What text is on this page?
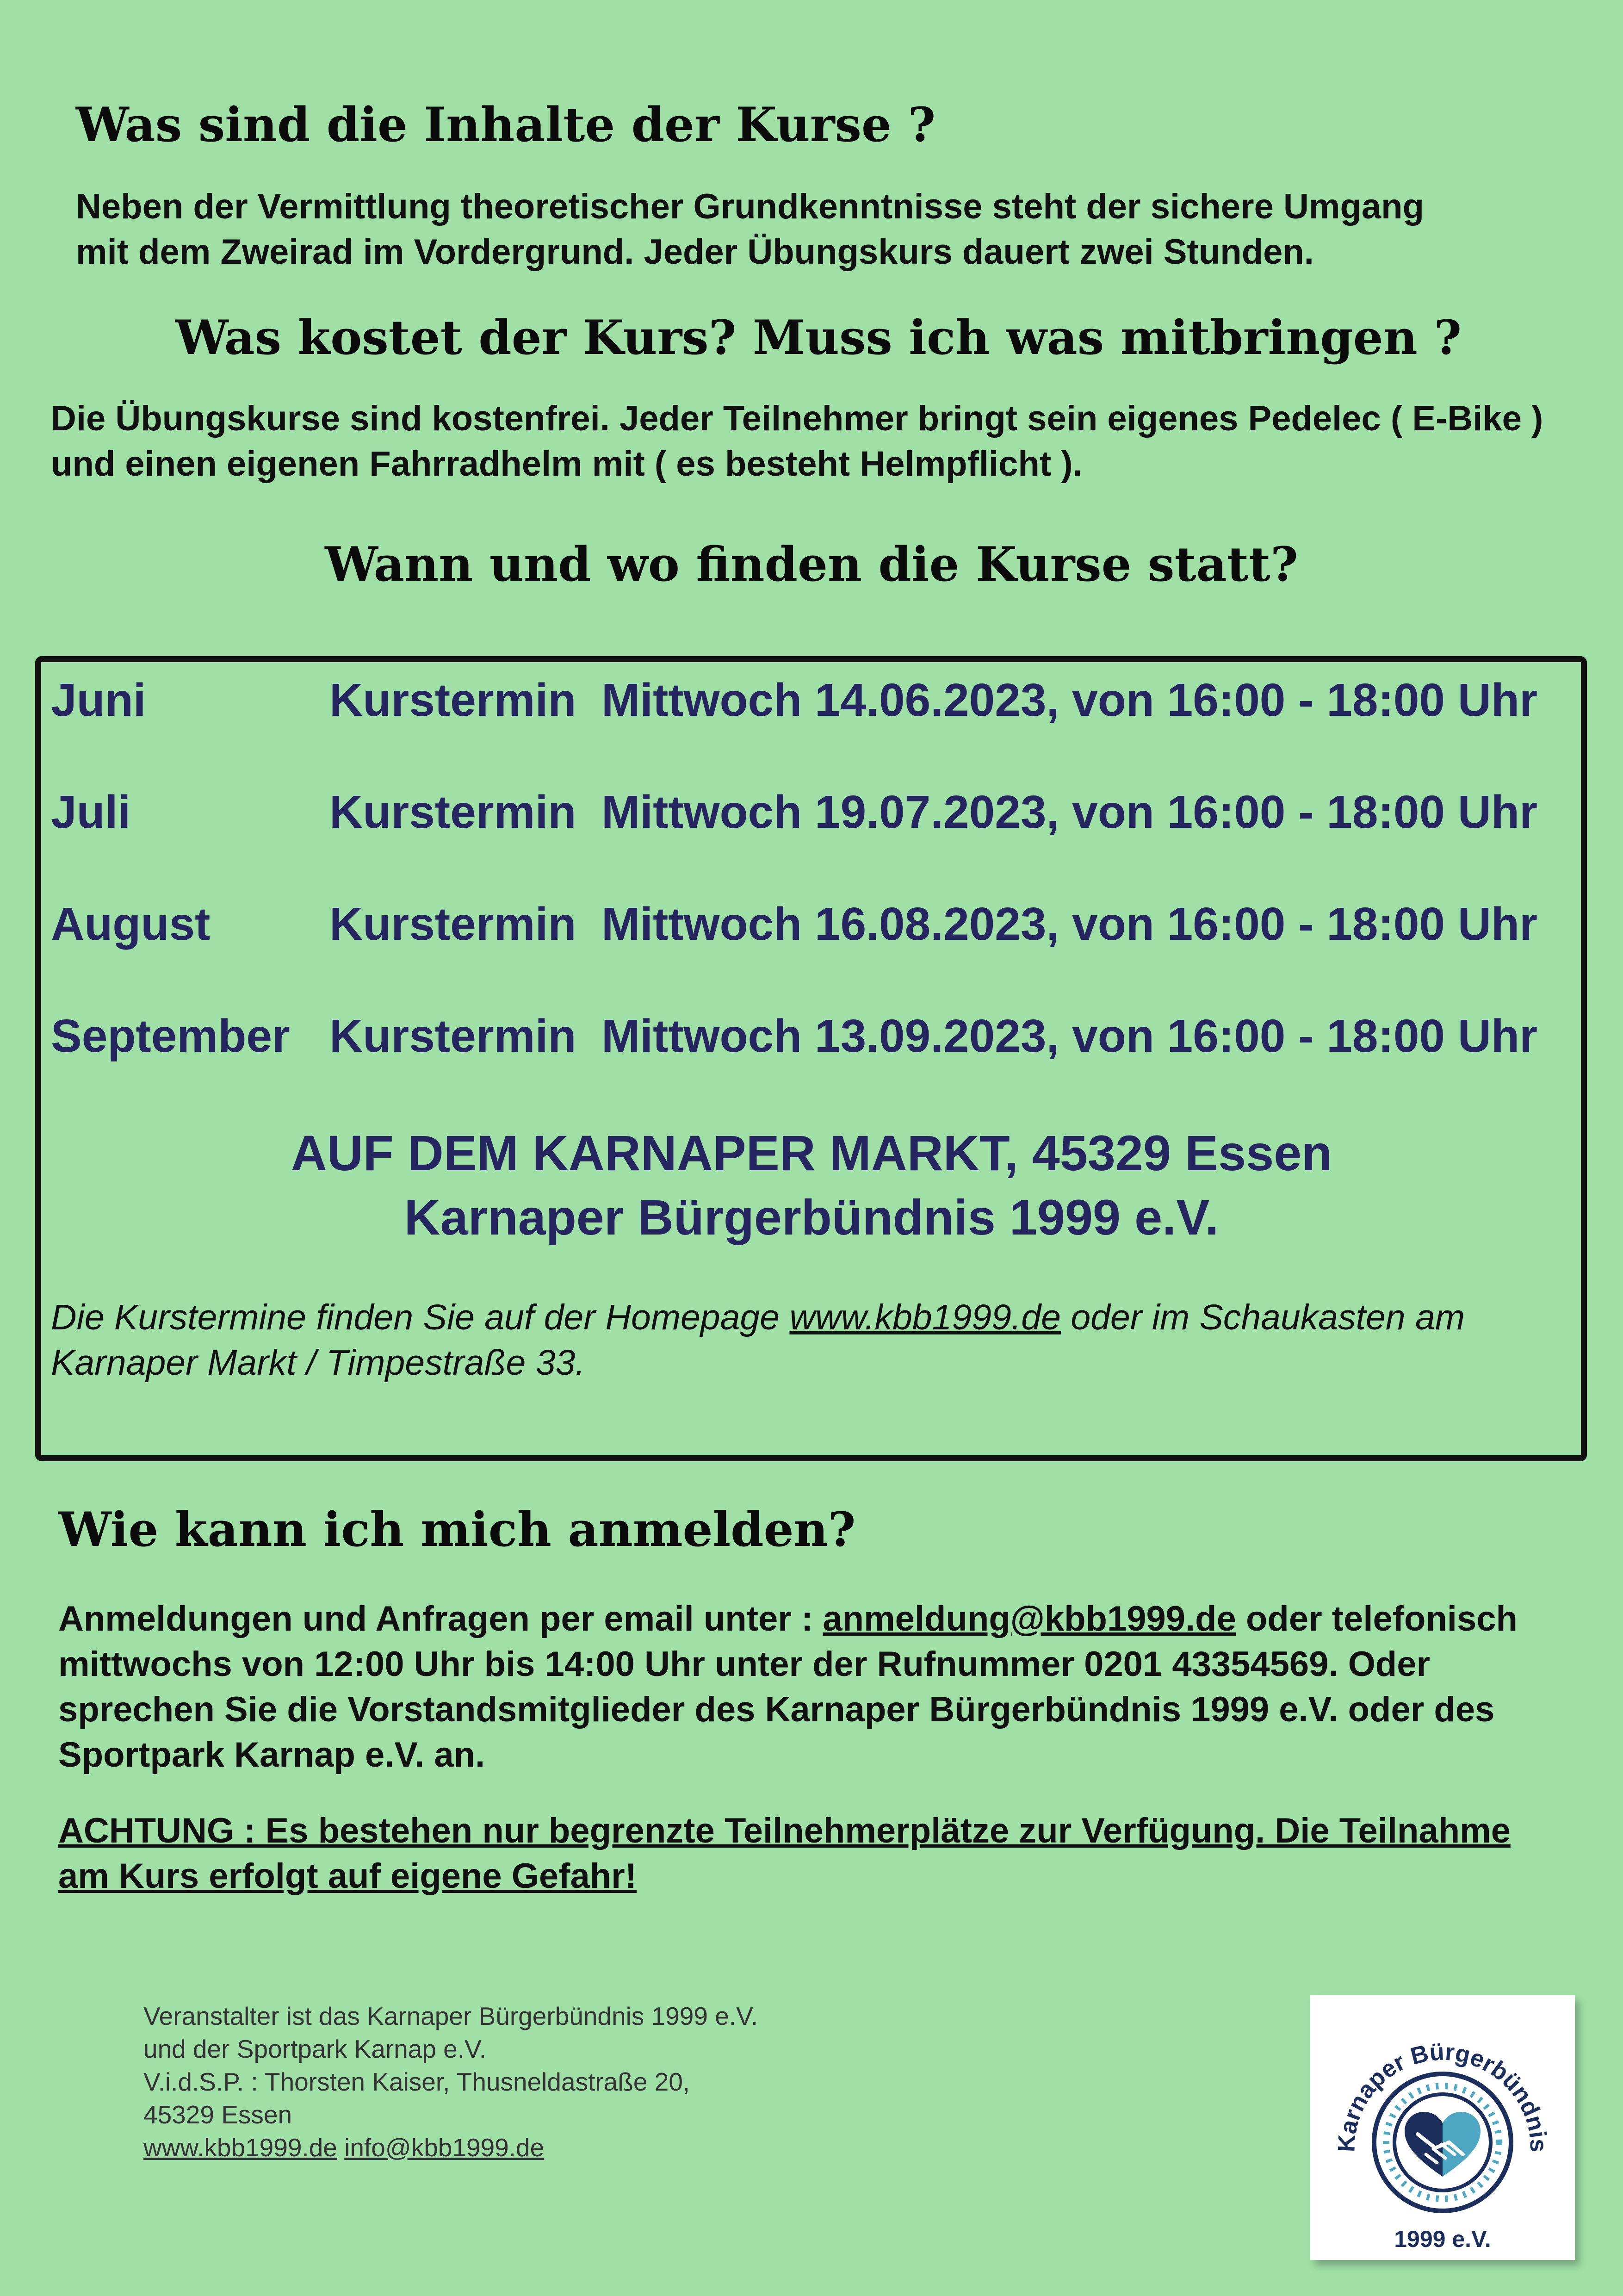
Was sind die Inhalte der Kurse ?

Neben der Vermittlung theoretischer Grundkenntnisse steht der sichere Umgang

mit dem Zweirad im Vordergrund. Jeder Übungskurs dauert zwei Stunden.

Was kostet der Kurs? Muss ich was mitbringen ?

Die Übungskurse sind kostenfrei. Jeder Teilnehmer bringt sein eigenes Pedelec ( E-Bike )

und einen eigenen Fahrradhelm mit ( es besteht Helmpflicht ).

Wann und wo finden die Kurse statt?
Juni	Kurstermin Mittwoch 14.06.2023, von 16:00 - 18:00 Uhr
Juli	Kurstermin Mittwoch 19.07.2023, von 16:00 - 18:00 Uhr
August	Kurstermin Mittwoch 16.08.2023, von 16:00 - 18:00 Uhr
September Kurstermin Mittwoch 13.09.2023, von 16:00 - 18:00 Uhr
AUF DEM KARNAPER MARKT, 45329 Essen
Karnaper Bürgerbündnis 1999 e.V.
Die Kurstermine finden Sie auf der Homepage www.kbb1999.de oder im Schaukasten am
Karnaper Markt / Timpestraße 33.
Wie kann ich mich anmelden?
Anmeldungen und Anfragen per email unter : anmeldung@kbb1999.de oder telefonisch
mittwochs von 12:00 Uhr bis 14:00 Uhr unter der Rufnummer 0201 43354569. Oder
sprechen Sie die Vorstandsmitglieder des Karnaper Bürgerbündnis 1999 e.V. oder des
Sportpark Karnap e.V. an.
ACHTUNG : Es bestehen nur begrenzte Teilnehmerplätze zur Verfügung. Die Teilnahme
am Kurs erfolgt auf eigene Gefahr!
Veranstalter ist das Karnaper Bürgerbündnis 1999 e.V.
und der Sportpark Karnap e.V.
V.i.d.S.P. : Thorsten Kaiser, Thusneldastraße 20,
45329 Essen
www.kbb1999.de info@kbb1999.de	Karnaper Bürgerbündnis
1999 e.V.
